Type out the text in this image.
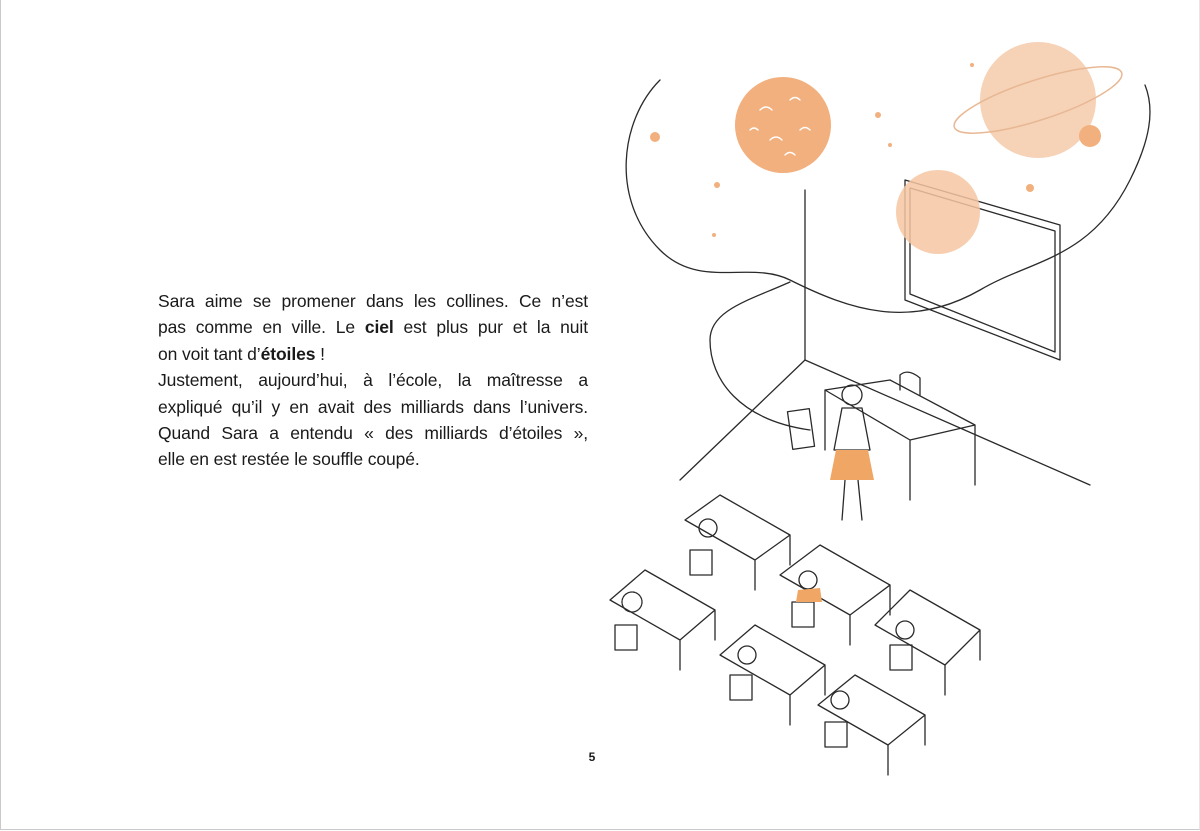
Sara aime se promener dans les collines. Ce n’est
pas comme en ville. Le ciel est plus pur et la nuit
on voit tant d’étoiles !
Justement, aujourd’hui, à l’école, la maîtresse a
expliqué qu’il y en avait des milliards dans l’univers.
Quand Sara a entendu « des milliards d’étoiles »,
elle en est restée le souffle coupé.

5
